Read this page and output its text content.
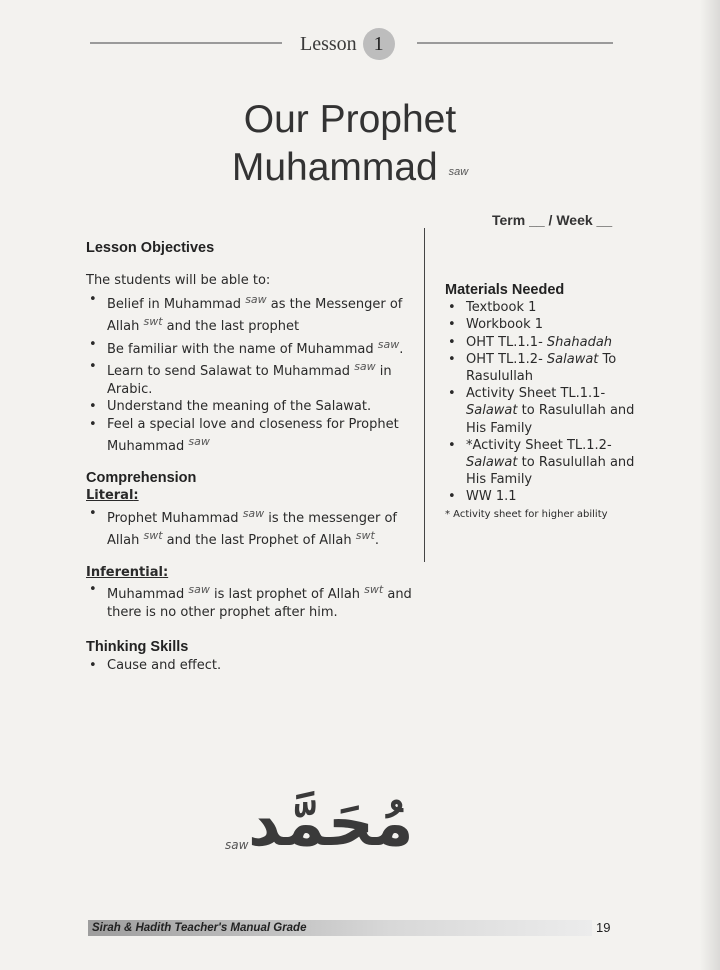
Lesson 1
Our Prophet
Muhammad saw
Term __ / Week __
Lesson Objectives
The students will be able to:
• Belief in Muhammad $^{saw}$ as the Messenger of Allah $^{swt}$ and the last prophet
• Be familiar with the name of Muhammad $^{saw}$.
• Learn to send Salawat to Muhammad $^{saw}$ in Arabic.
• Understand the meaning of the Salawat.
• Feel a special love and closeness for Prophet Muhammad $^{saw}$
Comprehension

Literal:

• Prophet Muhammad $^{saw}$ is the messenger of Allah $^{swt}$ and the last Prophet of Allah $^{swt}$.

Inferential:

• Muhammad $^{saw}$ is last prophet of Allah $^{swt}$ and there is no other prophet after him.
Thinking Skills
• Cause and effect.
Materials Needed
• Textbook 1
• Workbook 1
• OHT TL.1.1- Shahadah
• OHT TL.1.2- Salawat To Rasulullah
• Activity Sheet TL.1.1- Salawat to Rasulullah and His Family
• *Activity Sheet TL.1.2- Salawat to Rasulullah and His Family
• WW 1.1
* Activity sheet for higher ability
مُحَمَّد
saw
Sirah & Hadith Teacher's Manual Grade	19
